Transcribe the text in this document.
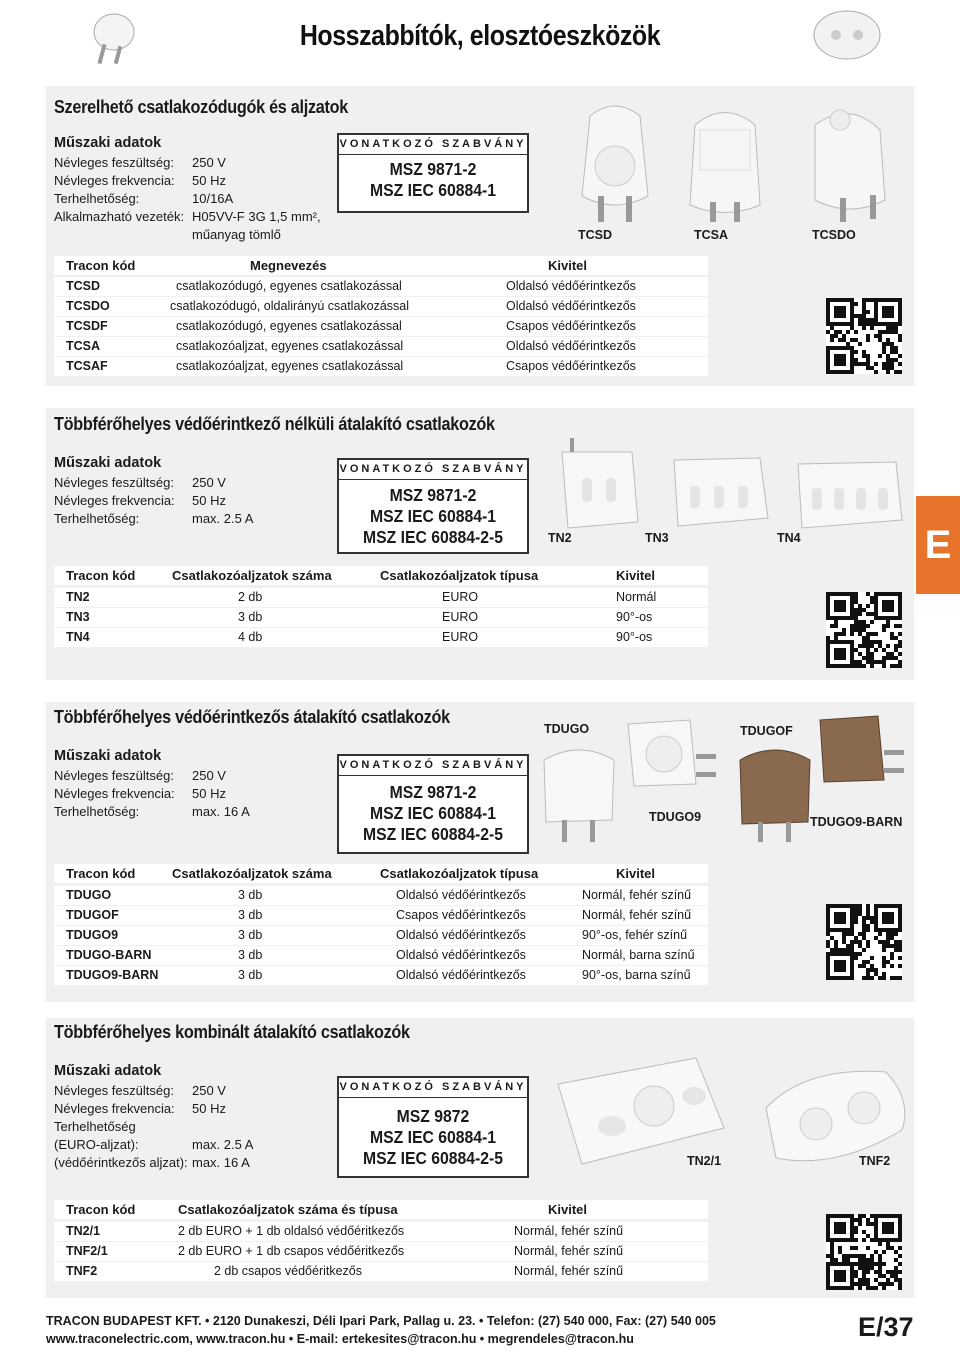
Hosszabbítók, elosztóeszközök
Szerelhető csatlakozódugók és aljzatok
Műszaki adatok
Névleges feszültség:	250 V
Névleges frekvencia:	50 Hz
Terhelhetőség:	10/16A
Alkalmazható vezeték: H05VV-F 3G 1,5 mm², műanyag tömlő
VONATKOZÓ SZABVÁNY
MSZ 9871-2
MSZ IEC 60884-1
TCSD	TCSA	TCSDO
Tracon kód	Megnevezés	Kivitel
TCSD	csatlakozódugó, egyenes csatlakozással	Oldalsó védőérintkezős
TCSDO	csatlakozódugó, oldalirányú csatlakozással	Oldalsó védőérintkezős
TCSDF	csatlakozódugó, egyenes csatlakozással	Csapos védőérintkezős
TCSA	csatlakozóaljzat, egyenes csatlakozással	Oldalsó védőérintkezős
TCSAF	csatlakozóaljzat, egyenes csatlakozással	Csapos védőérintkezős
Többférőhelyes védőérintkező nélküli átalakító csatlakozók
Műszaki adatok
Névleges feszültség:	250 V
Névleges frekvencia:	50 Hz
Terhelhetőség:	max. 2.5 A
VONATKOZÓ SZABVÁNY
MSZ 9871-2
MSZ IEC 60884-1
MSZ IEC 60884-2-5	TN2	TN3	TN4
Tracon kód	Csatlakozóaljzatok száma	Csatlakozóaljzatok típusa	Kivitel
TN2	2 db	EURO	Normál
TN3	3 db	EURO	90°-os
TN4	4 db	EURO	90°-os
E
Többférőhelyes védőérintkezős átalakító csatlakozók
Műszaki adatok
Névleges feszültség:	250 V
Névleges frekvencia:	50 Hz
Terhelhetőség:	max. 16 A
VONATKOZÓ SZABVÁNY
MSZ 9871-2
MSZ IEC 60884-1
MSZ IEC 60884-2-5
TDUGO	TDUGOF
TDUGO9	TDUGO9-BARN
Tracon kód	Csatlakozóaljzatok száma	Csatlakozóaljzatok típusa	Kivitel
TDUGO	3 db	Oldalsó védőérintkezős	Normál, fehér színű
TDUGOF	3 db	Csapos védőérintkezős	Normál, fehér színű
TDUGO9	3 db	Oldalsó védőérintkezős	90°-os, fehér színű
TDUGO-BARN	3 db	Oldalsó védőérintkezős	Normál, barna színű
TDUGO9-BARN	3 db	Oldalsó védőérintkezős	90°-os, barna színű
Többférőhelyes kombinált átalakító csatlakozók
Műszaki adatok
Névleges feszültség:	250 V
Névleges frekvencia:	50 Hz
Terhelhetőség
(EURO-aljzat):	max. 2.5 A
(védőérintkezős aljzat): max. 16 A
VONATKOZÓ SZABVÁNY
MSZ 9872
MSZ IEC 60884-1
MSZ IEC 60884-2-5	TN2/1	TNF2
Tracon kód	Csatlakozóaljzatok száma és típusa	Kivitel
TN2/1	2 db EURO + 1 db oldalsó védőéritkezős	Normál, fehér színű
TNF2/1	2 db EURO + 1 db csapos védőéritkezős	Normál, fehér színű
TNF2	2 db csapos védőéritkezős	Normál, fehér színű
TRACON BUDAPEST KFT. • 2120 Dunakeszi, Déli Ipari Park, Pallag u. 23. • Telefon: (27) 540 000, Fax: (27) 540 005
www.traconelectric.com, www.tracon.hu • E-mail: ertekesites@tracon.hu • megrendeles@tracon.hu	E/37
